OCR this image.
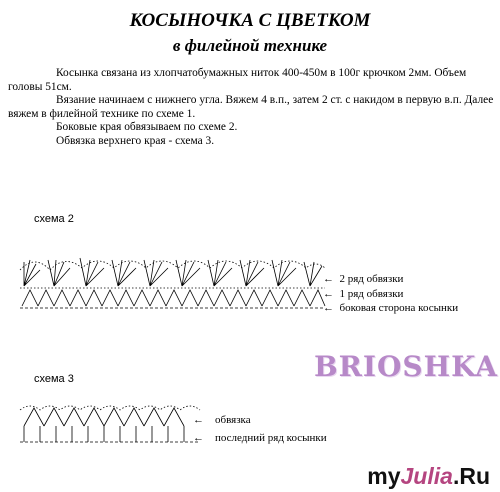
КОСЫНОЧКА С ЦВЕТКОМ
в филейной технике

Косынка связана из хлопчатобумажных ниток 400-450м в 100г крючком 2мм. Объем головы 51см.

Вязание начинаем с нижнего угла. Вяжем 4 в.п., затем 2 ст. с накидом в первую в.п. Далее вяжем в филейной технике по схеме 1.

Боковые края обвязываем по схеме 2.

Обвязка верхнего края - схема 3.

схема 2
←  2 ряд обвязки
←  1 ряд обвязки
←  боковая сторона косынки
BRIOSHKA
схема 3
←    обвязка
←    последний ряд косынки
myJulia.Ru
